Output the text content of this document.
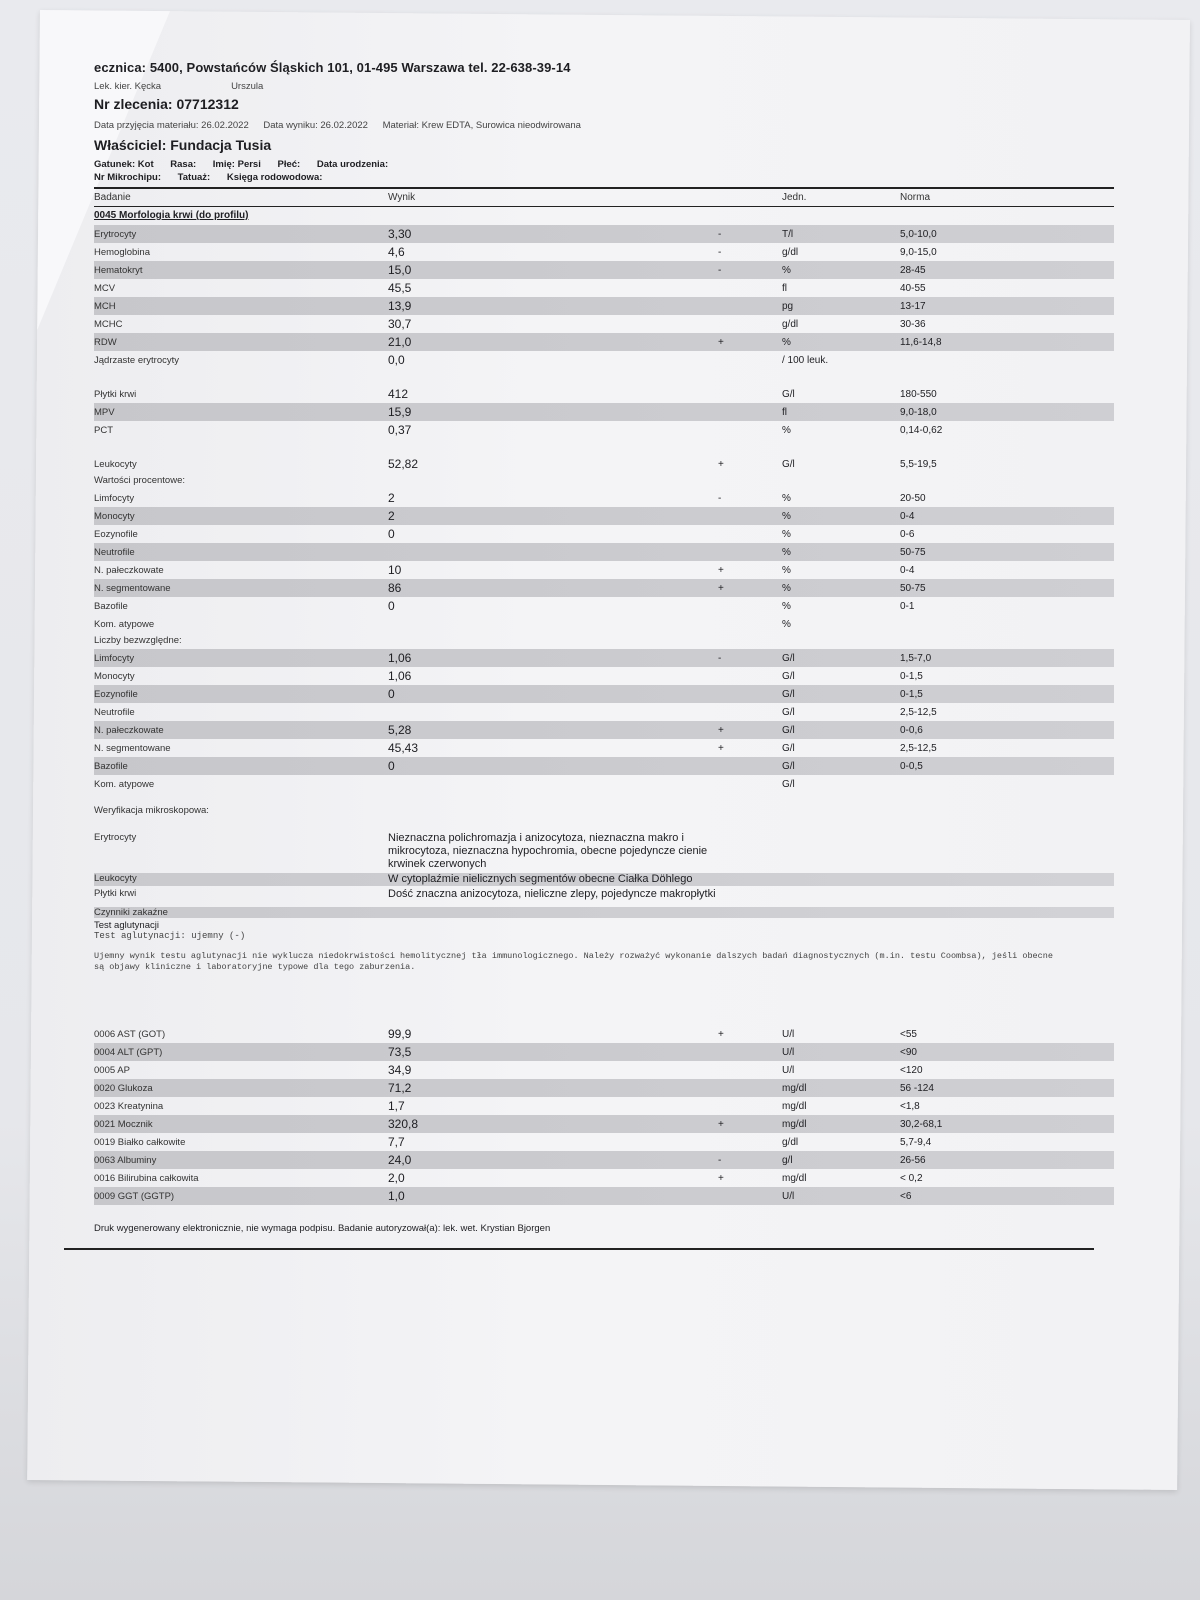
ecznica: 5400, Powstańców Śląskich 101, 01-495 Warszawa tel. 22-638-39-14
Lek. kier. Kęcka	Urszula
Nr zlecenia: 07712312
Data przyjęcia materiału: 26.02.2022 Data wyniku: 26.02.2022 Materiał: Krew EDTA, Surowica nieodwirowana
Właściciel: Fundacja Tusia
Gatunek: Kot Rasa: Imię: Persi Płeć: Data urodzenia:
Nr Mikrochipu: Tatuaż: Księga rodowodowa:
Badanie	Wynik	Jedn.	Norma
0045 Morfologia krwi (do profilu)
Erytrocyty	3,30	-	T/l	5,0-10,0
Hemoglobina	4,6	-	g/dl	9,0-15,0
Hematokryt	15,0	-	%	28-45
MCV	45,5	fl	40-55
MCH	13,9	pg	13-17
MCHC	30,7	g/dl	30-36
RDW	21,0	+	%	11,6-14,8
Jądrzaste erytrocyty	0,0	/ 100 leuk.
Płytki krwi	412	G/l	180-550
MPV	15,9	fl	9,0-18,0
PCT	0,37	%	0,14-0,62
Leukocyty	52,82	+	G/l	5,5-19,5
Wartości procentowe:
Limfocyty	2	-	%	20-50
Monocyty	2	%	0-4
Eozynofile	0	%	0-6
Neutrofile	%	50-75
N. pałeczkowate	10	+	%	0-4
N. segmentowane	86	+	%	50-75
Bazofile	0	%	0-1
Kom. atypowe	%
Liczby bezwzględne:
Limfocyty	1,06	-	G/l	1,5-7,0
Monocyty	1,06	G/l	0-1,5
Eozynofile	0	G/l	0-1,5
Neutrofile	G/l	2,5-12,5
N. pałeczkowate	5,28	+	G/l	0-0,6
N. segmentowane	45,43	+	G/l	2,5-12,5
Bazofile	0	G/l	0-0,5
Kom. atypowe	G/l
Weryfikacja mikroskopowa:
Erytrocyty	Nieznaczna polichromazja i anizocytoza, nieznaczna makro i mikrocytoza, nieznaczna hypochromia, obecne pojedyncze cienie krwinek czerwonych
Leukocyty	W cytoplaźmie nielicznych segmentów obecne Ciałka Döhlego
Płytki krwi	Dość znaczna anizocytoza, nieliczne zlepy, pojedyncze makropłytki
Czynniki zakaźne
Test aglutynacji
Test aglutynacji: ujemny (-)
Ujemny wynik testu aglutynacji nie wyklucza niedokrwistości hemolitycznej tła immunologicznego. Należy rozważyć wykonanie dalszych badań diagnostycznych (m.in. testu Coombsa), jeśli obecne są objawy kliniczne i laboratoryjne typowe dla tego zaburzenia.
0006 AST (GOT)	99,9	+	U/l	<55
0004 ALT (GPT)	73,5	U/l	<90
0005 AP	34,9	U/l	<120
0020 Glukoza	71,2	mg/dl	56 -124
0023 Kreatynina	1,7	mg/dl	<1,8
0021 Mocznik	320,8	+	mg/dl	30,2-68,1
0019 Białko całkowite	7,7	g/dl	5,7-9,4
0063 Albuminy	24,0	-	g/l	26-56
0016 Bilirubina całkowita	2,0	+	mg/dl	< 0,2
0009 GGT (GGTP)	1,0	U/l	<6
Druk wygenerowany elektronicznie, nie wymaga podpisu. Badanie autoryzował(a): lek. wet. Krystian Bjorgen
